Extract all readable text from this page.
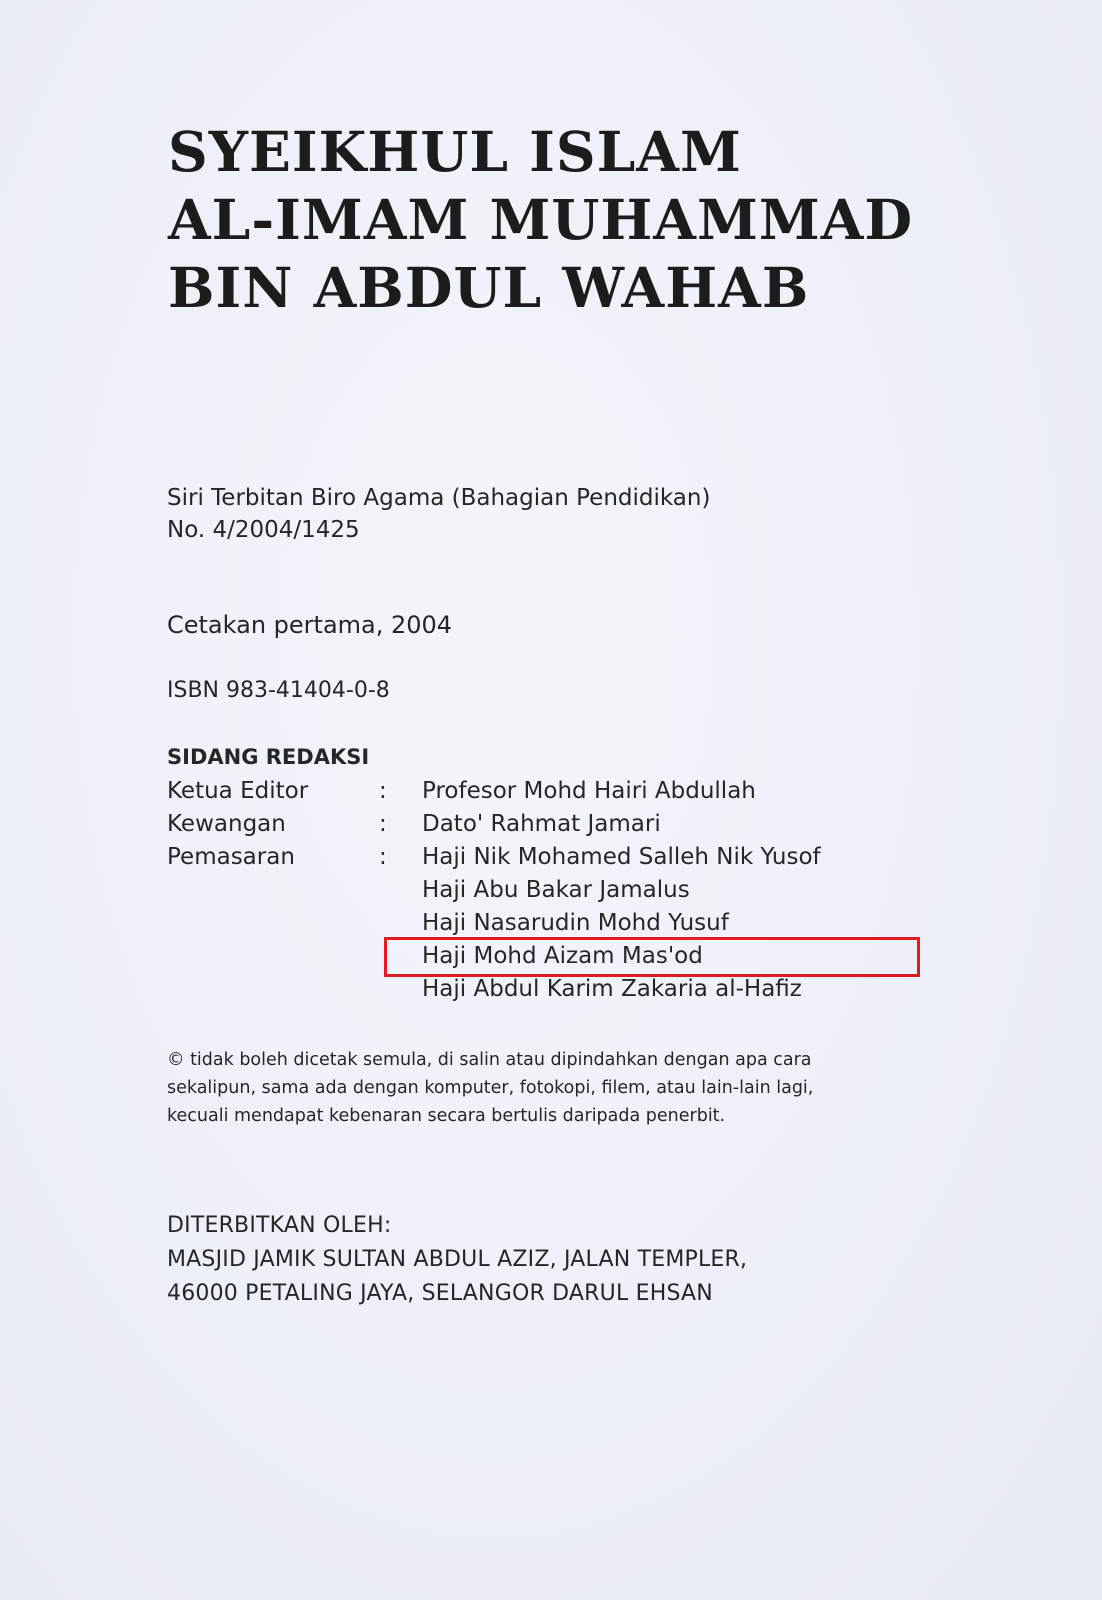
SYEIKHUL ISLAM
AL-IMAM MUHAMMAD
BIN ABDUL WAHAB
Siri Terbitan Biro Agama (Bahagian Pendidikan)
No. 4/2004/1425
Cetakan pertama, 2004
ISBN 983-41404-0-8
SIDANG REDAKSI
Ketua Editor	:	Profesor Mohd Hairi Abdullah
Kewangan	:	Dato' Rahmat Jamari
Pemasaran	:	Haji Nik Mohamed Salleh Nik Yusof
Haji Abu Bakar Jamalus
Haji Nasarudin Mohd Yusuf
Haji Mohd Aizam Mas'od
Haji Abdul Karim Zakaria al-Hafiz
© tidak boleh dicetak semula, di salin atau dipindahkan dengan apa cara
sekalipun, sama ada dengan komputer, fotokopi, filem, atau lain-lain lagi,
kecuali mendapat kebenaran secara bertulis daripada penerbit.
DITERBITKAN OLEH:
MASJID JAMIK SULTAN ABDUL AZIZ, JALAN TEMPLER,
46000 PETALING JAYA, SELANGOR DARUL EHSAN
